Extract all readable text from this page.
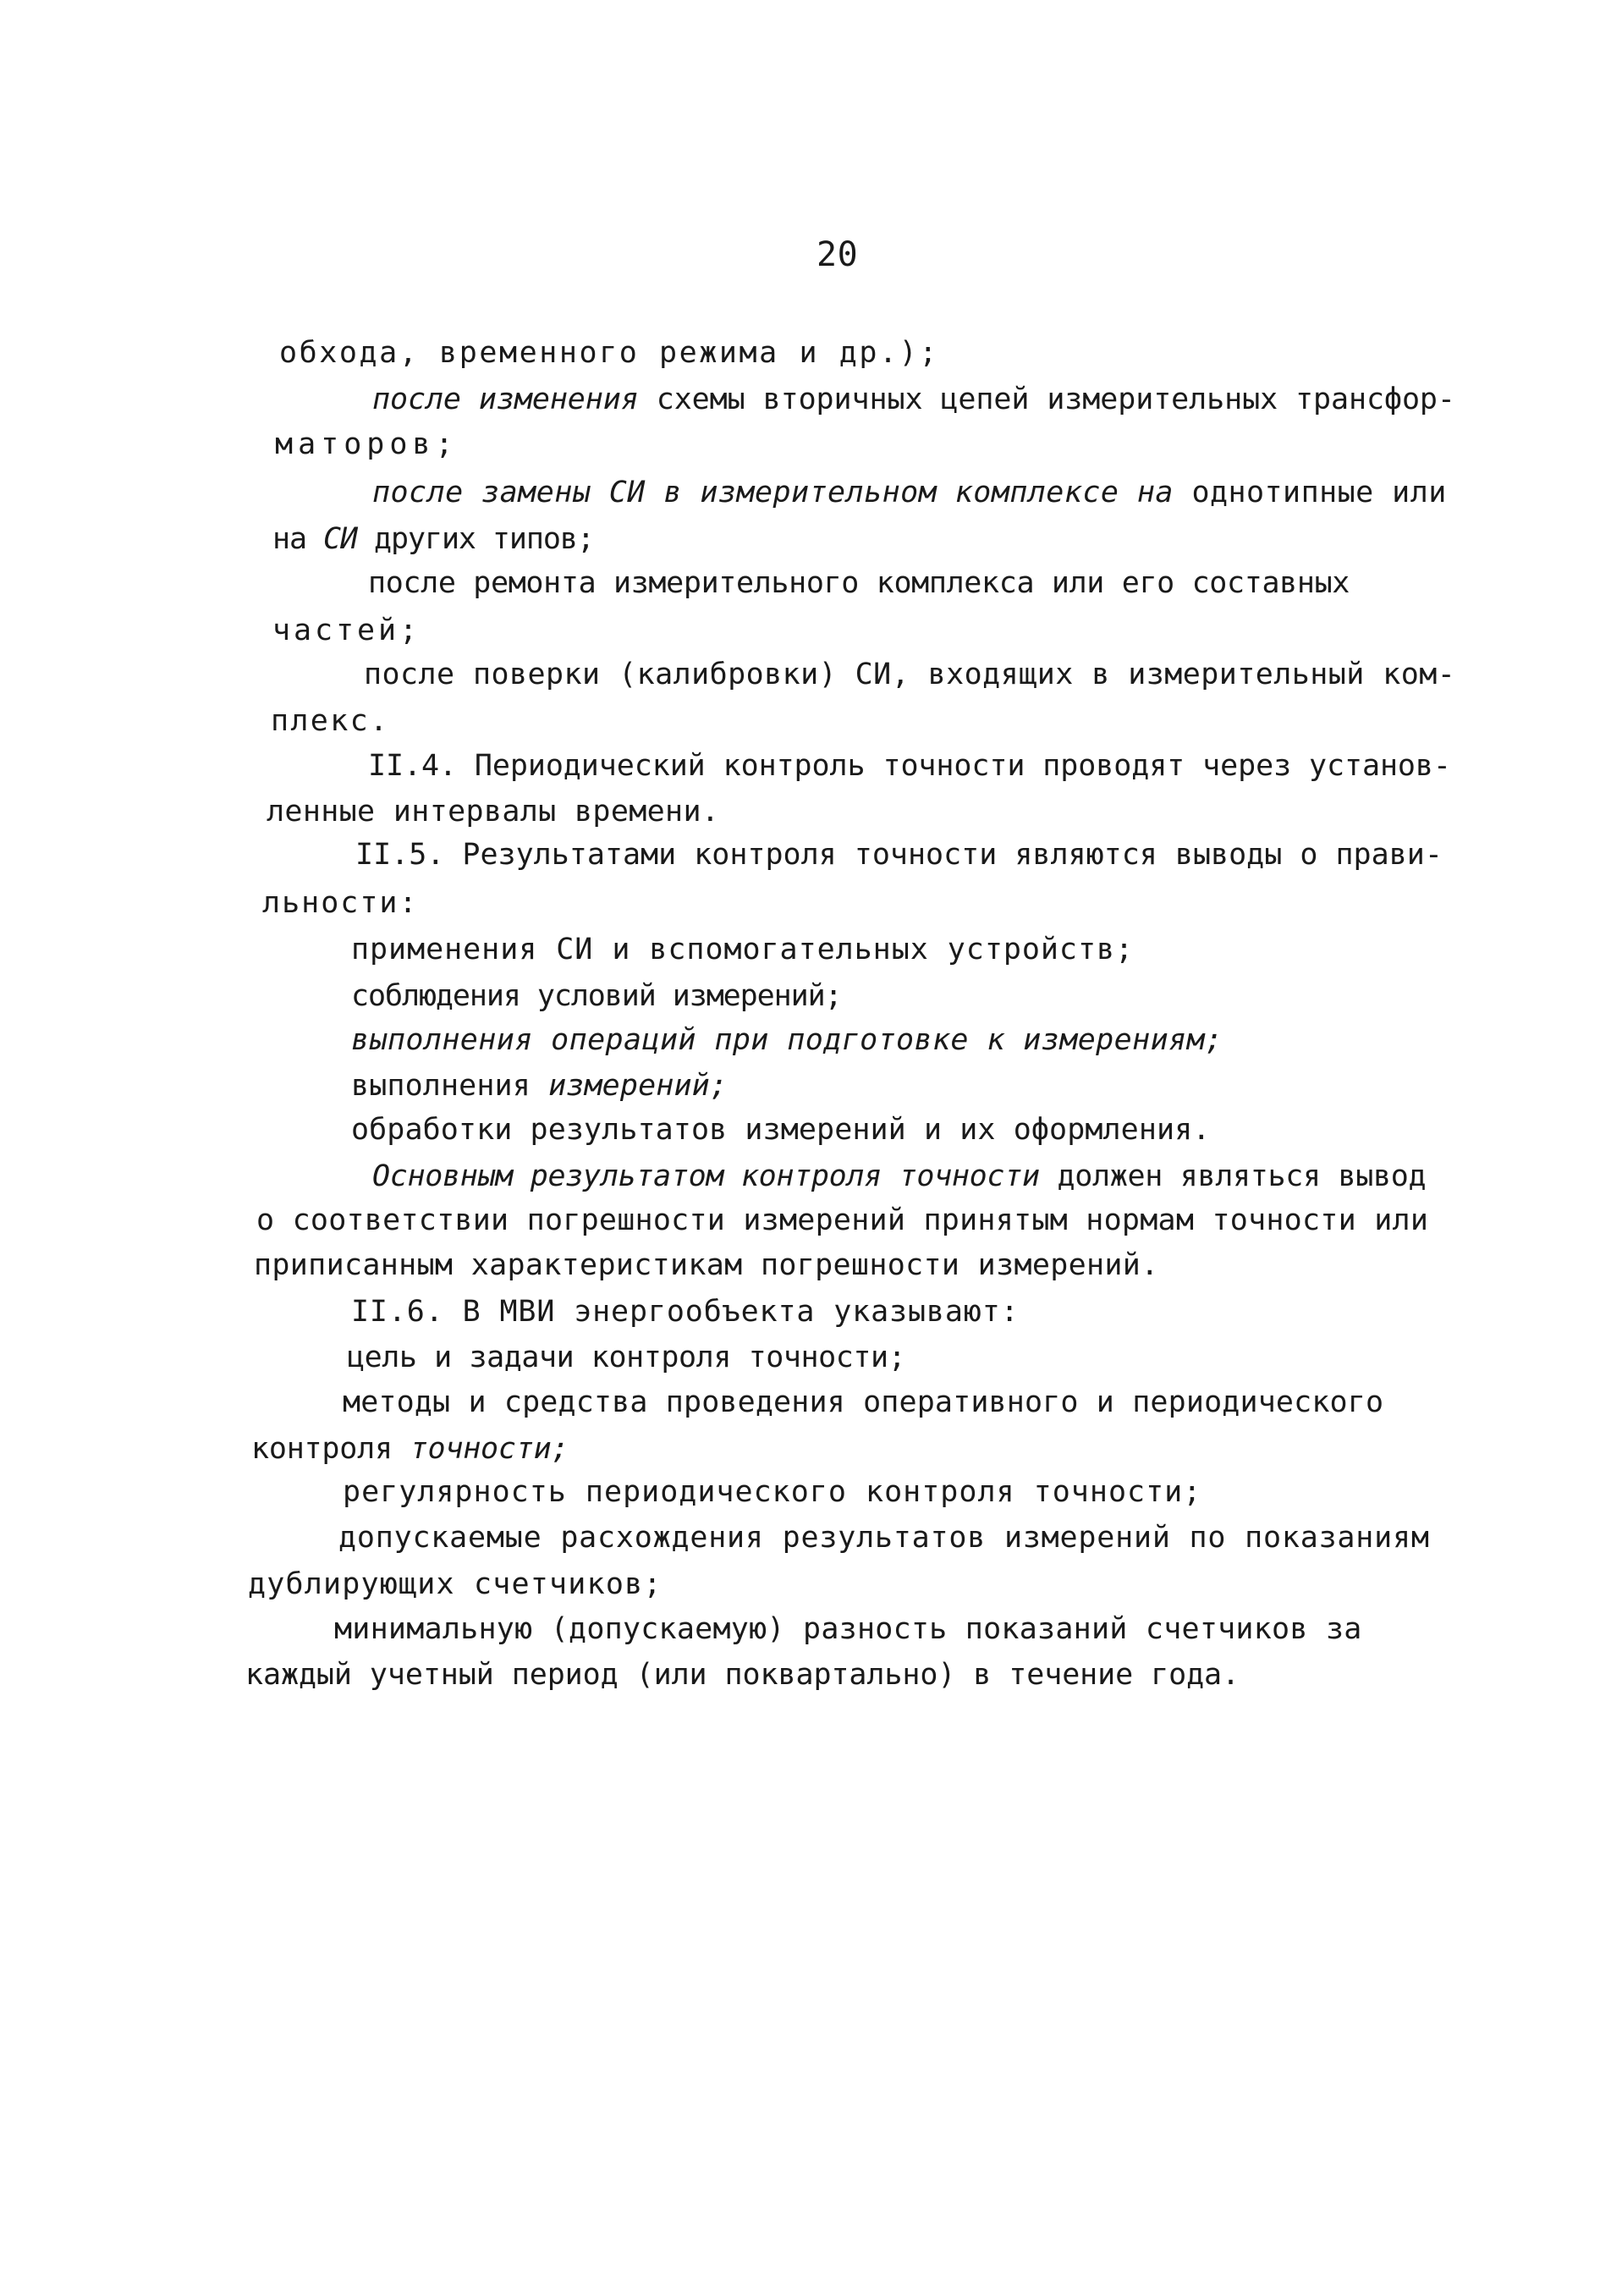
20
обхода, временного режима и др.);
после изменения схемы вторичных цепей измерительных трансфор-
маторов;
после замены СИ в измерительном комплексе на однотипные или
на СИ других типов;
после ремонта измерительного комплекса или его составных
частей;
после поверки (калибровки) СИ, входящих в измерительный ком-
плекс.
II.4. Периодический контроль точности проводят через установ-
ленные интервалы времени.
II.5. Результатами контроля точности являются выводы о прави-
льности:
применения СИ и вспомогательных устройств;
соблюдения условий измерений;
выполнения операций при подготовке к измерениям;
выполнения измерений;
обработки результатов измерений и их оформления.
Основным результатом контроля точности должен являться вывод
о соответствии погрешности измерений принятым нормам точности или
приписанным характеристикам погрешности измерений.
II.6. В МВИ энергообъекта указывают:
цель и задачи контроля точности;
методы и средства проведения оперативного и периодического
контроля точности;
регулярность периодического контроля точности;
допускаемые расхождения результатов измерений по показаниям
дублирующих счетчиков;
минимальную (допускаемую) разность показаний счетчиков за
каждый учетный период (или поквартально) в течение года.
